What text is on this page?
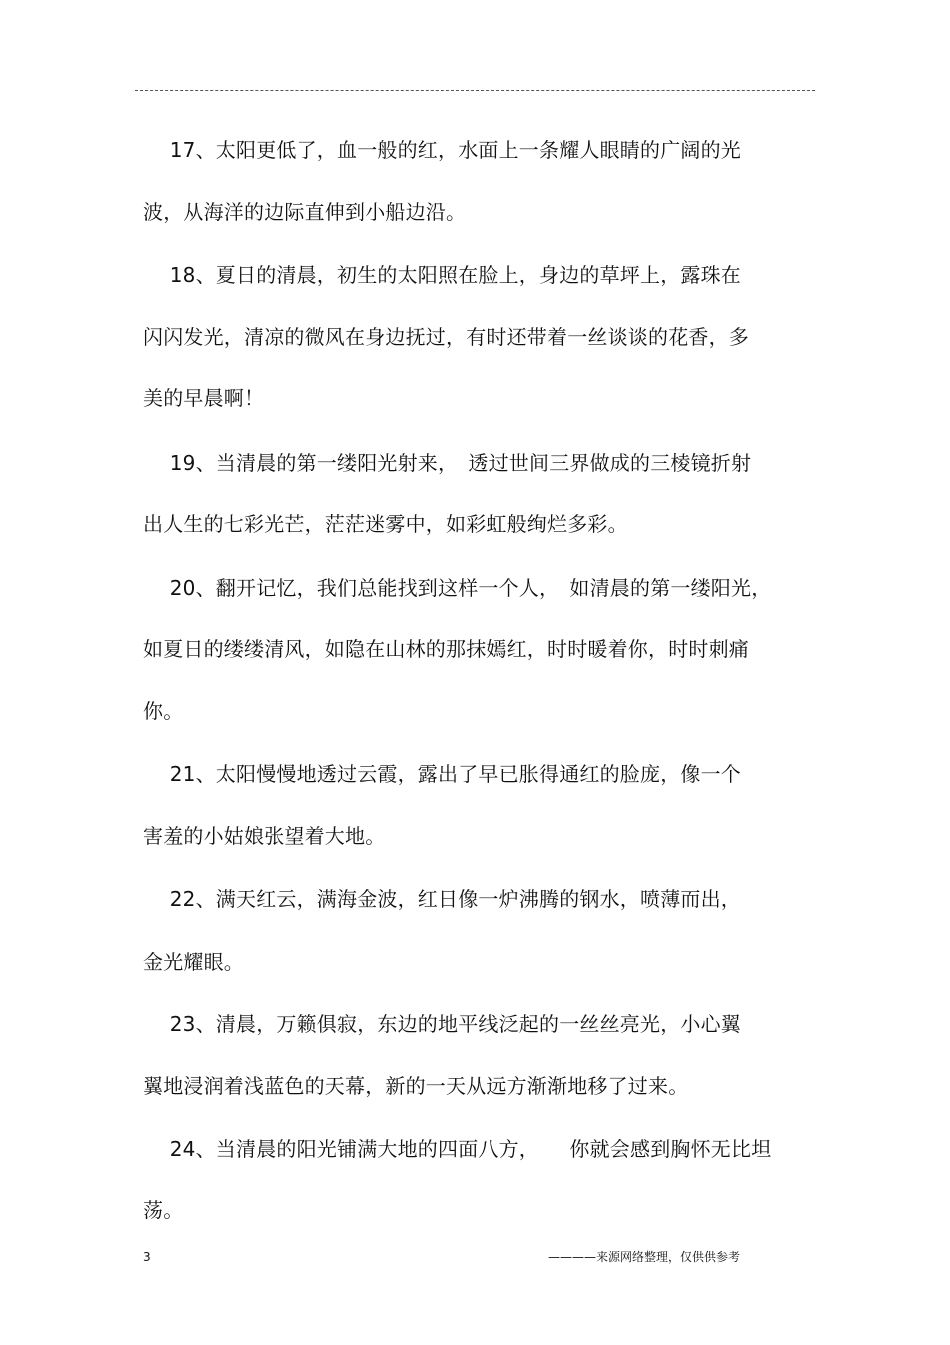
　 17、太阳更低了，血一般的红，水面上一条耀人眼睛的广阔的光
波，从海洋的边际直伸到小船边沿。
　 18、夏日的清晨，初生的太阳照在脸上，身边的草坪上，露珠在
闪闪发光，清凉的微风在身边抚过，有时还带着一丝谈谈的花香，多
美的早晨啊！
　 19、当清晨的第一缕阳光射来，　透过世间三界做成的三棱镜折射
出人生的七彩光芒，茫茫迷雾中，如彩虹般绚烂多彩。
　 20、翻开记忆，我们总能找到这样一个人，　如清晨的第一缕阳光，
如夏日的缕缕清风，如隐在山林的那抹嫣红，时时暖着你，时时刺痛
你。
　 21、太阳慢慢地透过云霞，露出了早已胀得通红的脸庞，像一个
害羞的小姑娘张望着大地。
　 22、满天红云，满海金波，红日像一炉沸腾的钢水，喷薄而出，
金光耀眼。
　 23、清晨，万籁俱寂，东边的地平线泛起的一丝丝亮光，小心翼
翼地浸润着浅蓝色的天幕，新的一天从远方渐渐地移了过来。
　 24、当清晨的阳光铺满大地的四面八方，　　你就会感到胸怀无比坦
荡。
3	————来源网络整理，仅供供参考
